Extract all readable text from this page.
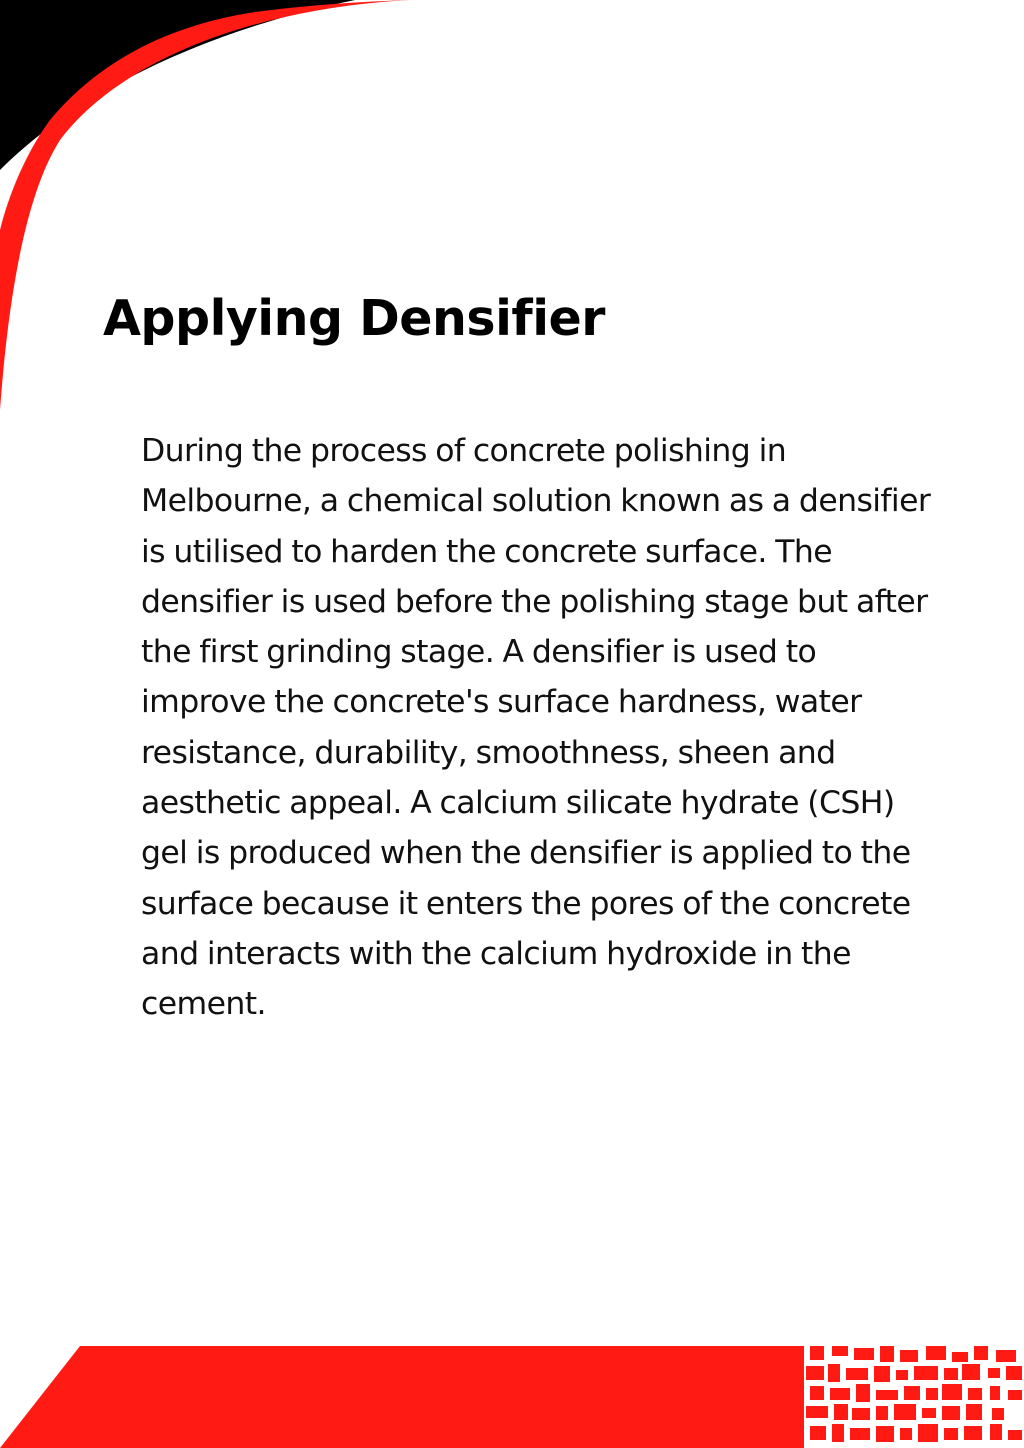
Applying Densifier

During the process of concrete polishing in Melbourne, a chemical solution known as a densifier is utilised to harden the concrete surface. The densifier is used before the polishing stage but after the first grinding stage. A densifier is used to improve the concrete's surface hardness, water resistance, durability, smoothness, sheen and aesthetic appeal. A calcium silicate hydrate (CSH) gel is produced when the densifier is applied to the surface because it enters the pores of the concrete and interacts with the calcium hydroxide in the cement.
